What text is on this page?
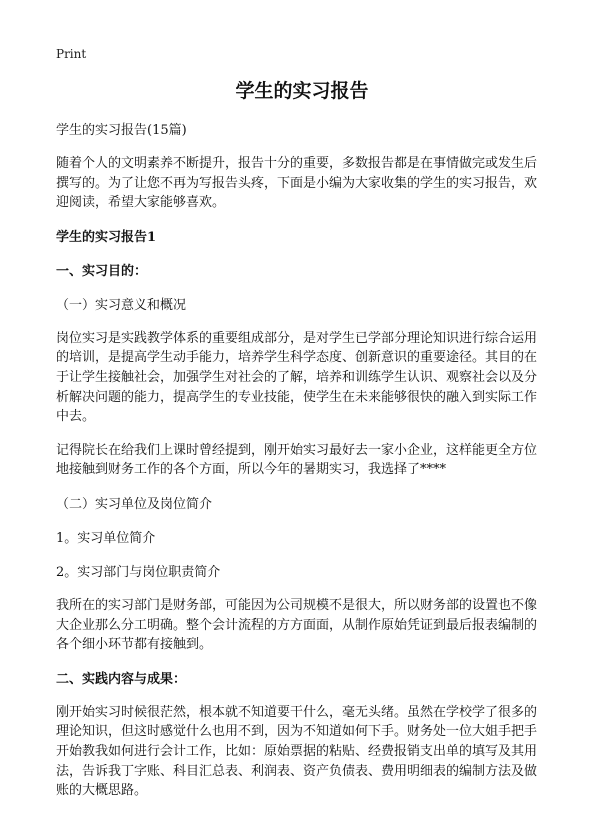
Print
学生的实习报告
学生的实习报告(15篇)

随着个人的文明素养不断提升，报告十分的重要，多数报告都是在事情做完或发生后撰写的。为了让您不再为写报告头疼，下面是小编为大家收集的学生的实习报告，欢迎阅读，希望大家能够喜欢。

学生的实习报告1
一、实习目的：
（一）实习意义和概况

岗位实习是实践教学体系的重要组成部分，是对学生已学部分理论知识进行综合运用的培训，是提高学生动手能力，培养学生科学态度、创新意识的重要途径。其目的在于让学生接触社会，加强学生对社会的了解，培养和训练学生认识、观察社会以及分析解决问题的能力，提高学生的专业技能，使学生在未来能够很快的融入到实际工作中去。

记得院长在给我们上课时曾经提到，刚开始实习最好去一家小企业，这样能更全方位地接触到财务工作的各个方面，所以今年的暑期实习，我选择了****

（二）实习单位及岗位简介
1。实习单位简介
2。实习部门与岗位职责简介

我所在的实习部门是财务部，可能因为公司规模不是很大，所以财务部的设置也不像大企业那么分工明确。整个会计流程的方方面面，从制作原始凭证到最后报表编制的各个细小环节都有接触到。

二、实践内容与成果：

刚开始实习时候很茫然，根本就不知道要干什么，毫无头绪。虽然在学校学了很多的理论知识，但这时感觉什么也用不到，因为不知道如何下手。财务处一位大姐手把手开始教我如何进行会计工作，比如：原始票据的粘贴、经费报销支出单的填写及其用法，告诉我丁字账、科目汇总表、利润表、资产负债表、费用明细表的编制方法及做账的大概思路。
